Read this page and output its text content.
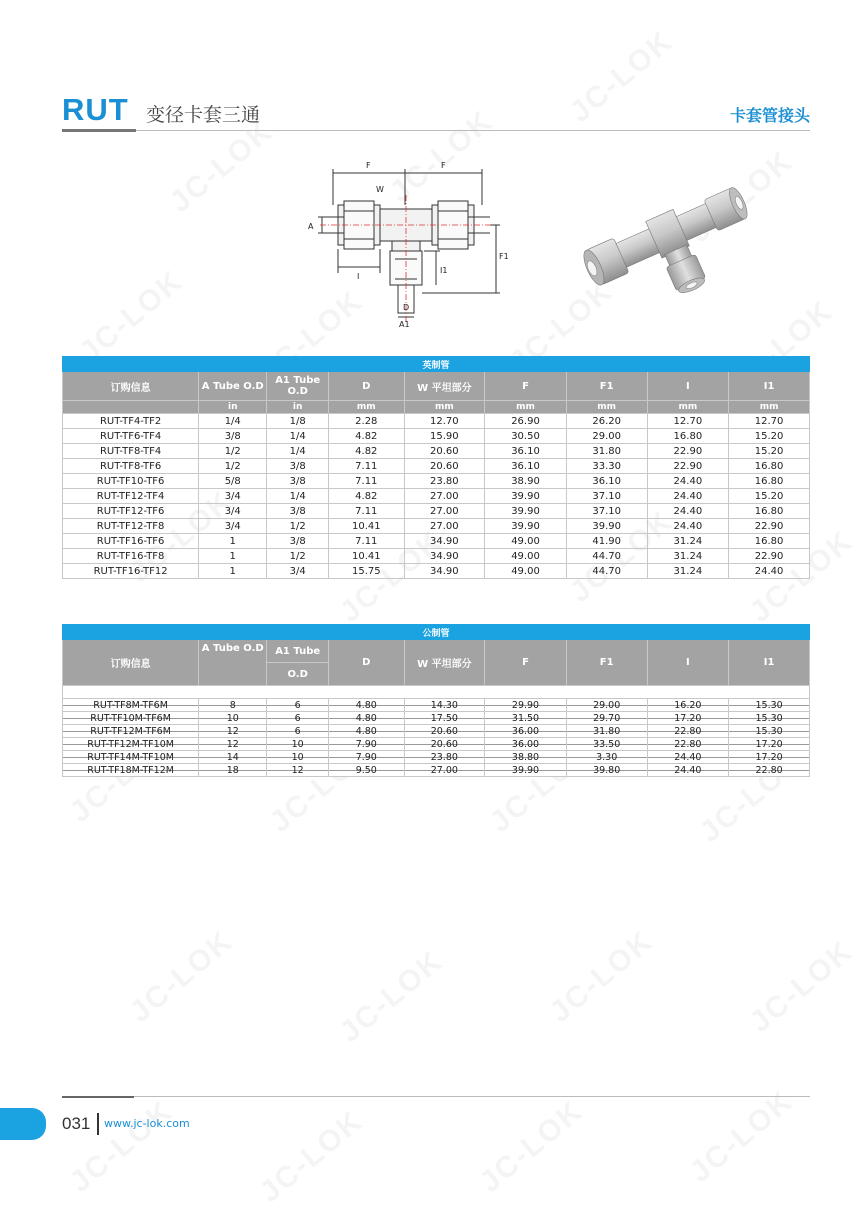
RUT 变径卡套三通	卡套管接头
F	F
W
A
F1
I
I1
D
A1
英制管								
订购信息	A Tube O.D	A1 Tube O.D	D	W 平坦部分	F	F1	I	I1
	in	in	mm	mm	mm	mm	mm	mm
RUT-TF4-TF2	1/4	1/8	2.28	12.70	26.90	26.20	12.70	12.70
RUT-TF6-TF4	3/8	1/4	4.82	15.90	30.50	29.00	16.80	15.20
RUT-TF8-TF4	1/2	1/4	4.82	20.60	36.10	31.80	22.90	15.20
RUT-TF8-TF6	1/2	3/8	7.11	20.60	36.10	33.30	22.90	16.80
RUT-TF10-TF6	5/8	3/8	7.11	23.80	38.90	36.10	24.40	16.80
RUT-TF12-TF4	3/4	1/4	4.82	27.00	39.90	37.10	24.40	15.20
RUT-TF12-TF6	3/4	3/8	7.11	27.00	39.90	37.10	24.40	16.80
RUT-TF12-TF8	3/4	1/2	10.41	27.00	39.90	39.90	24.40	22.90
RUT-TF16-TF6	1	3/8	7.11	34.90	49.00	41.90	31.24	16.80
RUT-TF16-TF8	1	1/2	10.41	34.90	49.00	44.70	31.24	22.90
RUT-TF16-TF12	1	3/4	15.75	34.90	49.00	44.70	31.24	24.40
公制管								
订购信息	A Tube O.D	A1 Tube	D	W 平坦部分	F	F1	I	I1
		O.D						

RUT-TF8M-TF6M	8	6	4.80	14.30	29.90	29.00	16.20	15.30
RUT-TF10M-TF6M	10	6	4.80	17.50	31.50	29.70	17.20	15.30
RUT-TF12M-TF6M	12	6	4.80	20.60	36.00	31.80	22.80	15.30
RUT-TF12M-TF10M	12	10	7.90	20.60	36.00	33.50	22.80	17.20
RUT-TF14M-TF10M	14	10	7.90	23.80	38.80	3.30	24.40	17.20
RUT-TF18M-TF12M	18	12	9.50	27.00	39.90	39.80	24.40	22.80
031 www.jc-lok.com
